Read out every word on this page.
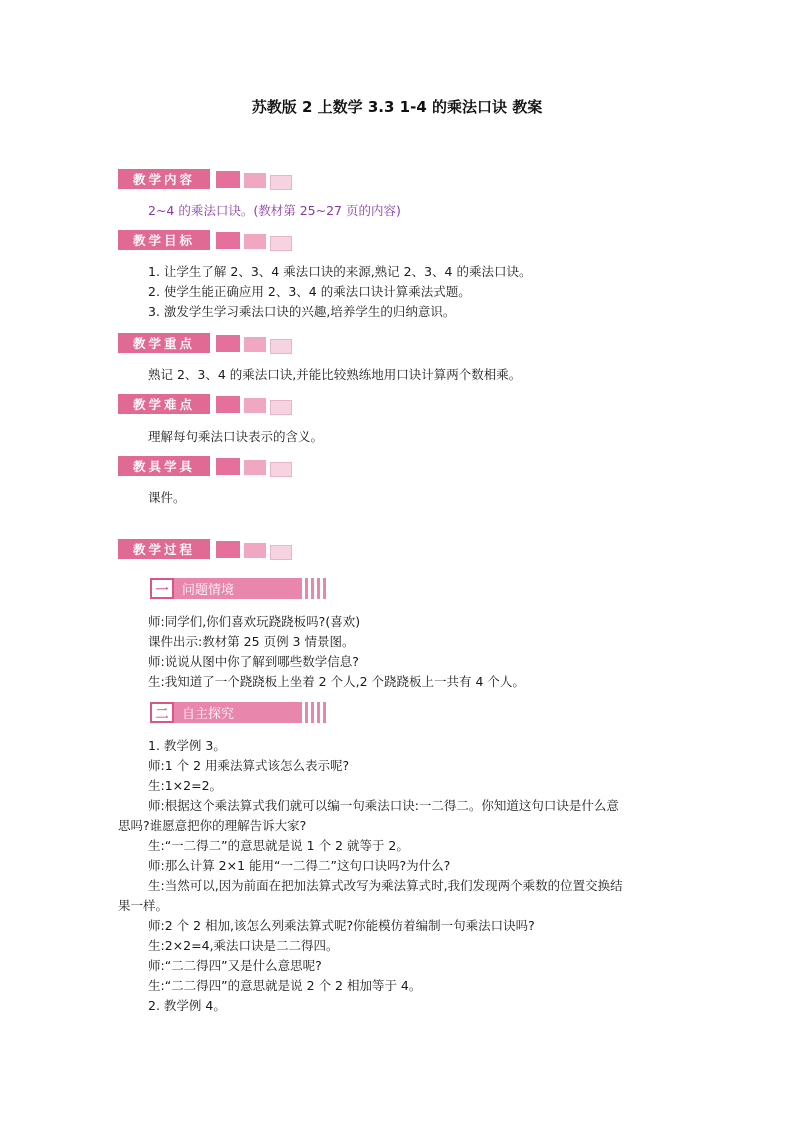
苏教版 2 上数学 3.3 1-4 的乘法口诀 教案
教学内容
2~4 的乘法口诀。(教材第 25~27 页的内容)
教学目标
1. 让学生了解 2、3、4 乘法口诀的来源,熟记 2、3、4 的乘法口诀。
2. 使学生能正确应用 2、3、4 的乘法口诀计算乘法式题。
3. 激发学生学习乘法口诀的兴趣,培养学生的归纳意识。
教学重点
熟记 2、3、4 的乘法口诀,并能比较熟练地用口诀计算两个数相乘。
教学难点
理解每句乘法口诀表示的含义。
教具学具
课件。
教学过程
一	问题情境
师:同学们,你们喜欢玩跷跷板吗?(喜欢)
课件出示:教材第 25 页例 3 情景图。
师:说说从图中你了解到哪些数学信息?
生:我知道了一个跷跷板上坐着 2 个人,2 个跷跷板上一共有 4 个人。
二	自主探究
1. 教学例 3。
师:1 个 2 用乘法算式该怎么表示呢?
生:1×2=2。
师:根据这个乘法算式我们就可以编一句乘法口诀:一二得二。你知道这句口诀是什么意
思吗?谁愿意把你的理解告诉大家?
生:“一二得二”的意思就是说 1 个 2 就等于 2。
师:那么计算 2×1 能用“一二得二”这句口诀吗?为什么?
生:当然可以,因为前面在把加法算式改写为乘法算式时,我们发现两个乘数的位置交换结
果一样。
师:2 个 2 相加,该怎么列乘法算式呢?你能模仿着编制一句乘法口诀吗?
生:2×2=4,乘法口诀是二二得四。
师:“二二得四”又是什么意思呢?
生:“二二得四”的意思就是说 2 个 2 相加等于 4。
2. 教学例 4。
